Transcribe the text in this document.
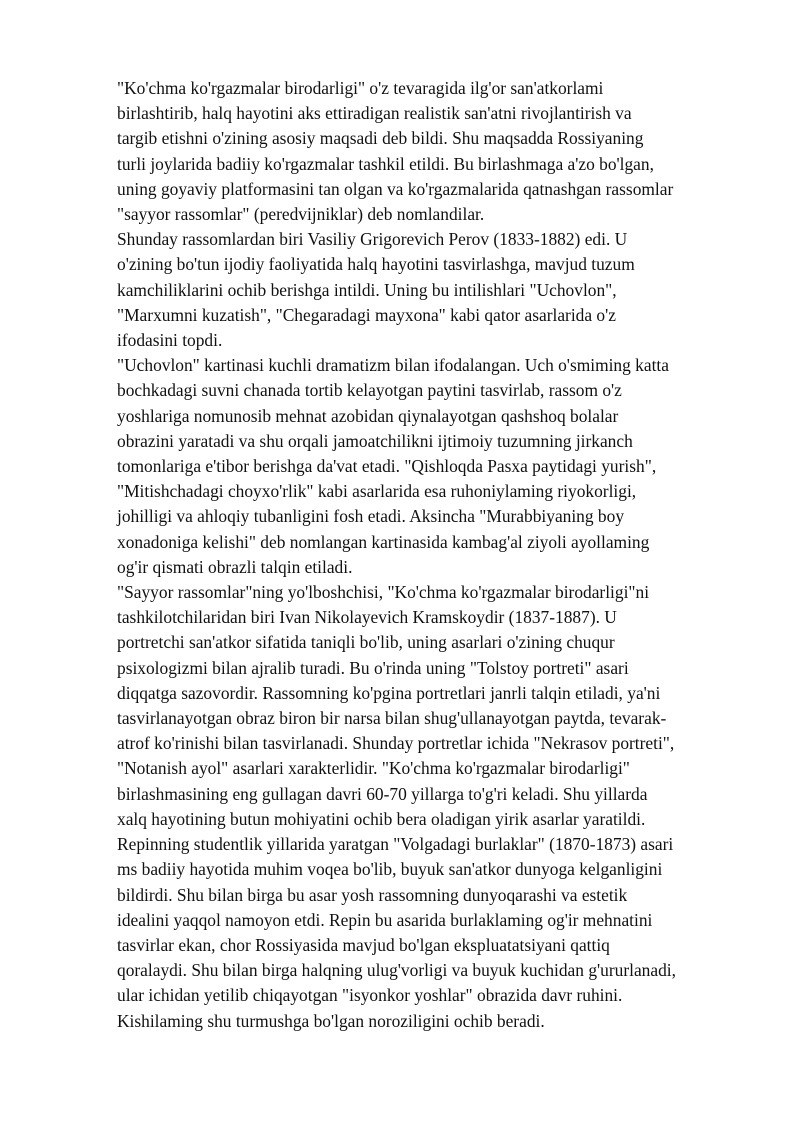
"Ko'chma ko'rgazmalar birodarligi" o'z tevaragida ilg'or san'atkorlami
birlashtirib, halq hayotini aks ettiradigan realistik san'atni rivojlantirish va
targib etishni o'zining asosiy maqsadi deb bildi. Shu maqsadda Rossiyaning
turli joylarida badiiy ko'rgazmalar tashkil etildi. Bu birlashmaga a'zo bo'lgan,
uning goyaviy platformasini tan olgan va ko'rgazmalarida qatnashgan rassomlar
"sayyor rassomlar" (peredvijniklar) deb nomlandilar.

Shunday rassomlardan biri Vasiliy Grigorevich Perov (1833-1882) edi. U
o'zining bo'tun ijodiy faoliyatida halq hayotini tasvirlashga, mavjud tuzum
kamchiliklarini ochib berishga intildi. Uning bu intilishlari "Uchovlon",
"Marxumni kuzatish", "Chegaradagi mayxona" kabi qator asarlarida o'z
ifodasini topdi.

"Uchovlon" kartinasi kuchli dramatizm bilan ifodalangan. Uch o'smiming katta
bochkadagi suvni chanada tortib kelayotgan paytini tasvirlab, rassom o'z
yoshlariga nomunosib mehnat azobidan qiynalayotgan qashshoq bolalar
obrazini yaratadi va shu orqali jamoatchilikni ijtimoiy tuzumning jirkanch
tomonlariga e'tibor berishga da'vat etadi. "Qishloqda Pasxa paytidagi yurish",
"Mitishchadagi choyxo'rlik" kabi asarlarida esa ruhoniylaming riyokorligi,
johilligi va ahloqiy tubanligini fosh etadi. Aksincha "Murabbiyaning boy
xonadoniga kelishi" deb nomlangan kartinasida kambag'al ziyoli ayollaming
og'ir qismati obrazli talqin etiladi.

"Sayyor rassomlar"ning yo'lboshchisi, "Ko'chma ko'rgazmalar birodarligi"ni
tashkilotchilaridan biri Ivan Nikolayevich Kramskoydir (1837-1887). U
portretchi san'atkor sifatida taniqli bo'lib, uning asarlari o'zining chuqur
psixologizmi bilan ajralib turadi. Bu o'rinda uning "Tolstoy portreti" asari
diqqatga sazovordir. Rassomning ko'pgina portretlari janrli talqin etiladi, ya'ni
tasvirlanayotgan obraz biron bir narsa bilan shug'ullanayotgan paytda, tevarak-
atrof ko'rinishi bilan tasvirlanadi. Shunday portretlar ichida "Nekrasov portreti",
"Notanish ayol" asarlari xarakterlidir. "Ko'chma ko'rgazmalar birodarligi"
birlashmasining eng gullagan davri 60-70 yillarga to'g'ri keladi. Shu yillarda
xalq hayotining butun mohiyatini ochib bera oladigan yirik asarlar yaratildi.
Repinning studentlik yillarida yaratgan "Volgadagi burlaklar" (1870-1873) asari
ms badiiy hayotida muhim voqea bo'lib, buyuk san'atkor dunyoga kelganligini
bildirdi. Shu bilan birga bu asar yosh rassomning dunyoqarashi va estetik
idealini yaqqol namoyon etdi. Repin bu asarida burlaklaming og'ir mehnatini
tasvirlar ekan, chor Rossiyasida mavjud bo'lgan ekspluatatsiyani qattiq
qoralaydi. Shu bilan birga halqning ulug'vorligi va buyuk kuchidan g'ururlanadi,
ular ichidan yetilib chiqayotgan "isyonkor yoshlar" obrazida davr ruhini.
Kishilaming shu turmushga bo'lgan noroziligini ochib beradi.
